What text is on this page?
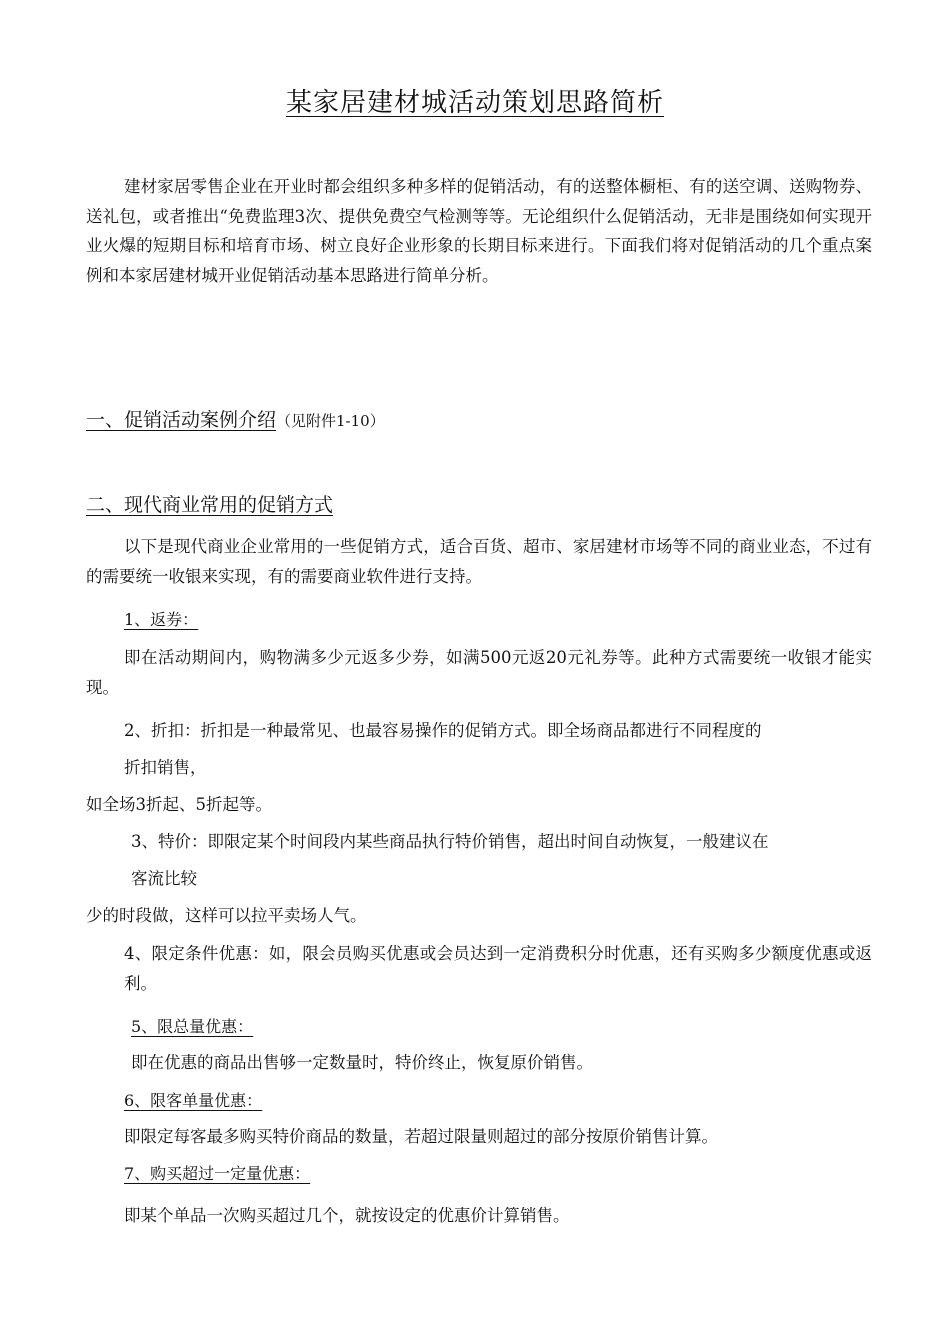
某家居建材城活动策划思路简析

建材家居零售企业在开业时都会组织多种多样的促销活动，有的送整体橱柜、有的送空调、送购物券、送礼包，或者推出“免费监理3次、提供免费空气检测等等。无论组织什么促销活动，无非是围绕如何实现开业火爆的短期目标和培育市场、树立良好企业形象的长期目标来进行。下面我们将对促销活动的几个重点案例和本家居建材城开业促销活动基本思路进行简单分析。

一、促销活动案例介绍（见附件1-10）

二、现代商业常用的促销方式

以下是现代商业企业常用的一些促销方式，适合百货、超市、家居建材市场等不同的商业业态，不过有的需要统一收银来实现，有的需要商业软件进行支持。

1、返券：

即在活动期间内，购物满多少元返多少券，如满500元返20元礼券等。此种方式需要统一收银才能实现。

2、折扣：折扣是一种最常见、也最容易操作的促销方式。即全场商品都进行不同程度的

折扣销售，

如全场3折起、5折起等。

3、特价：即限定某个时间段内某些商品执行特价销售，超出时间自动恢复，一般建议在

客流比较

少的时段做，这样可以拉平卖场人气。

4、限定条件优惠：如，限会员购买优惠或会员达到一定消费积分时优惠，还有买购多少额度优惠或返利。

5、限总量优惠：

即在优惠的商品出售够一定数量时，特价终止，恢复原价销售。

6、限客单量优惠：

即限定每客最多购买特价商品的数量，若超过限量则超过的部分按原价销售计算。

7、购买超过一定量优惠：

即某个单品一次购买超过几个，就按设定的优惠价计算销售。
